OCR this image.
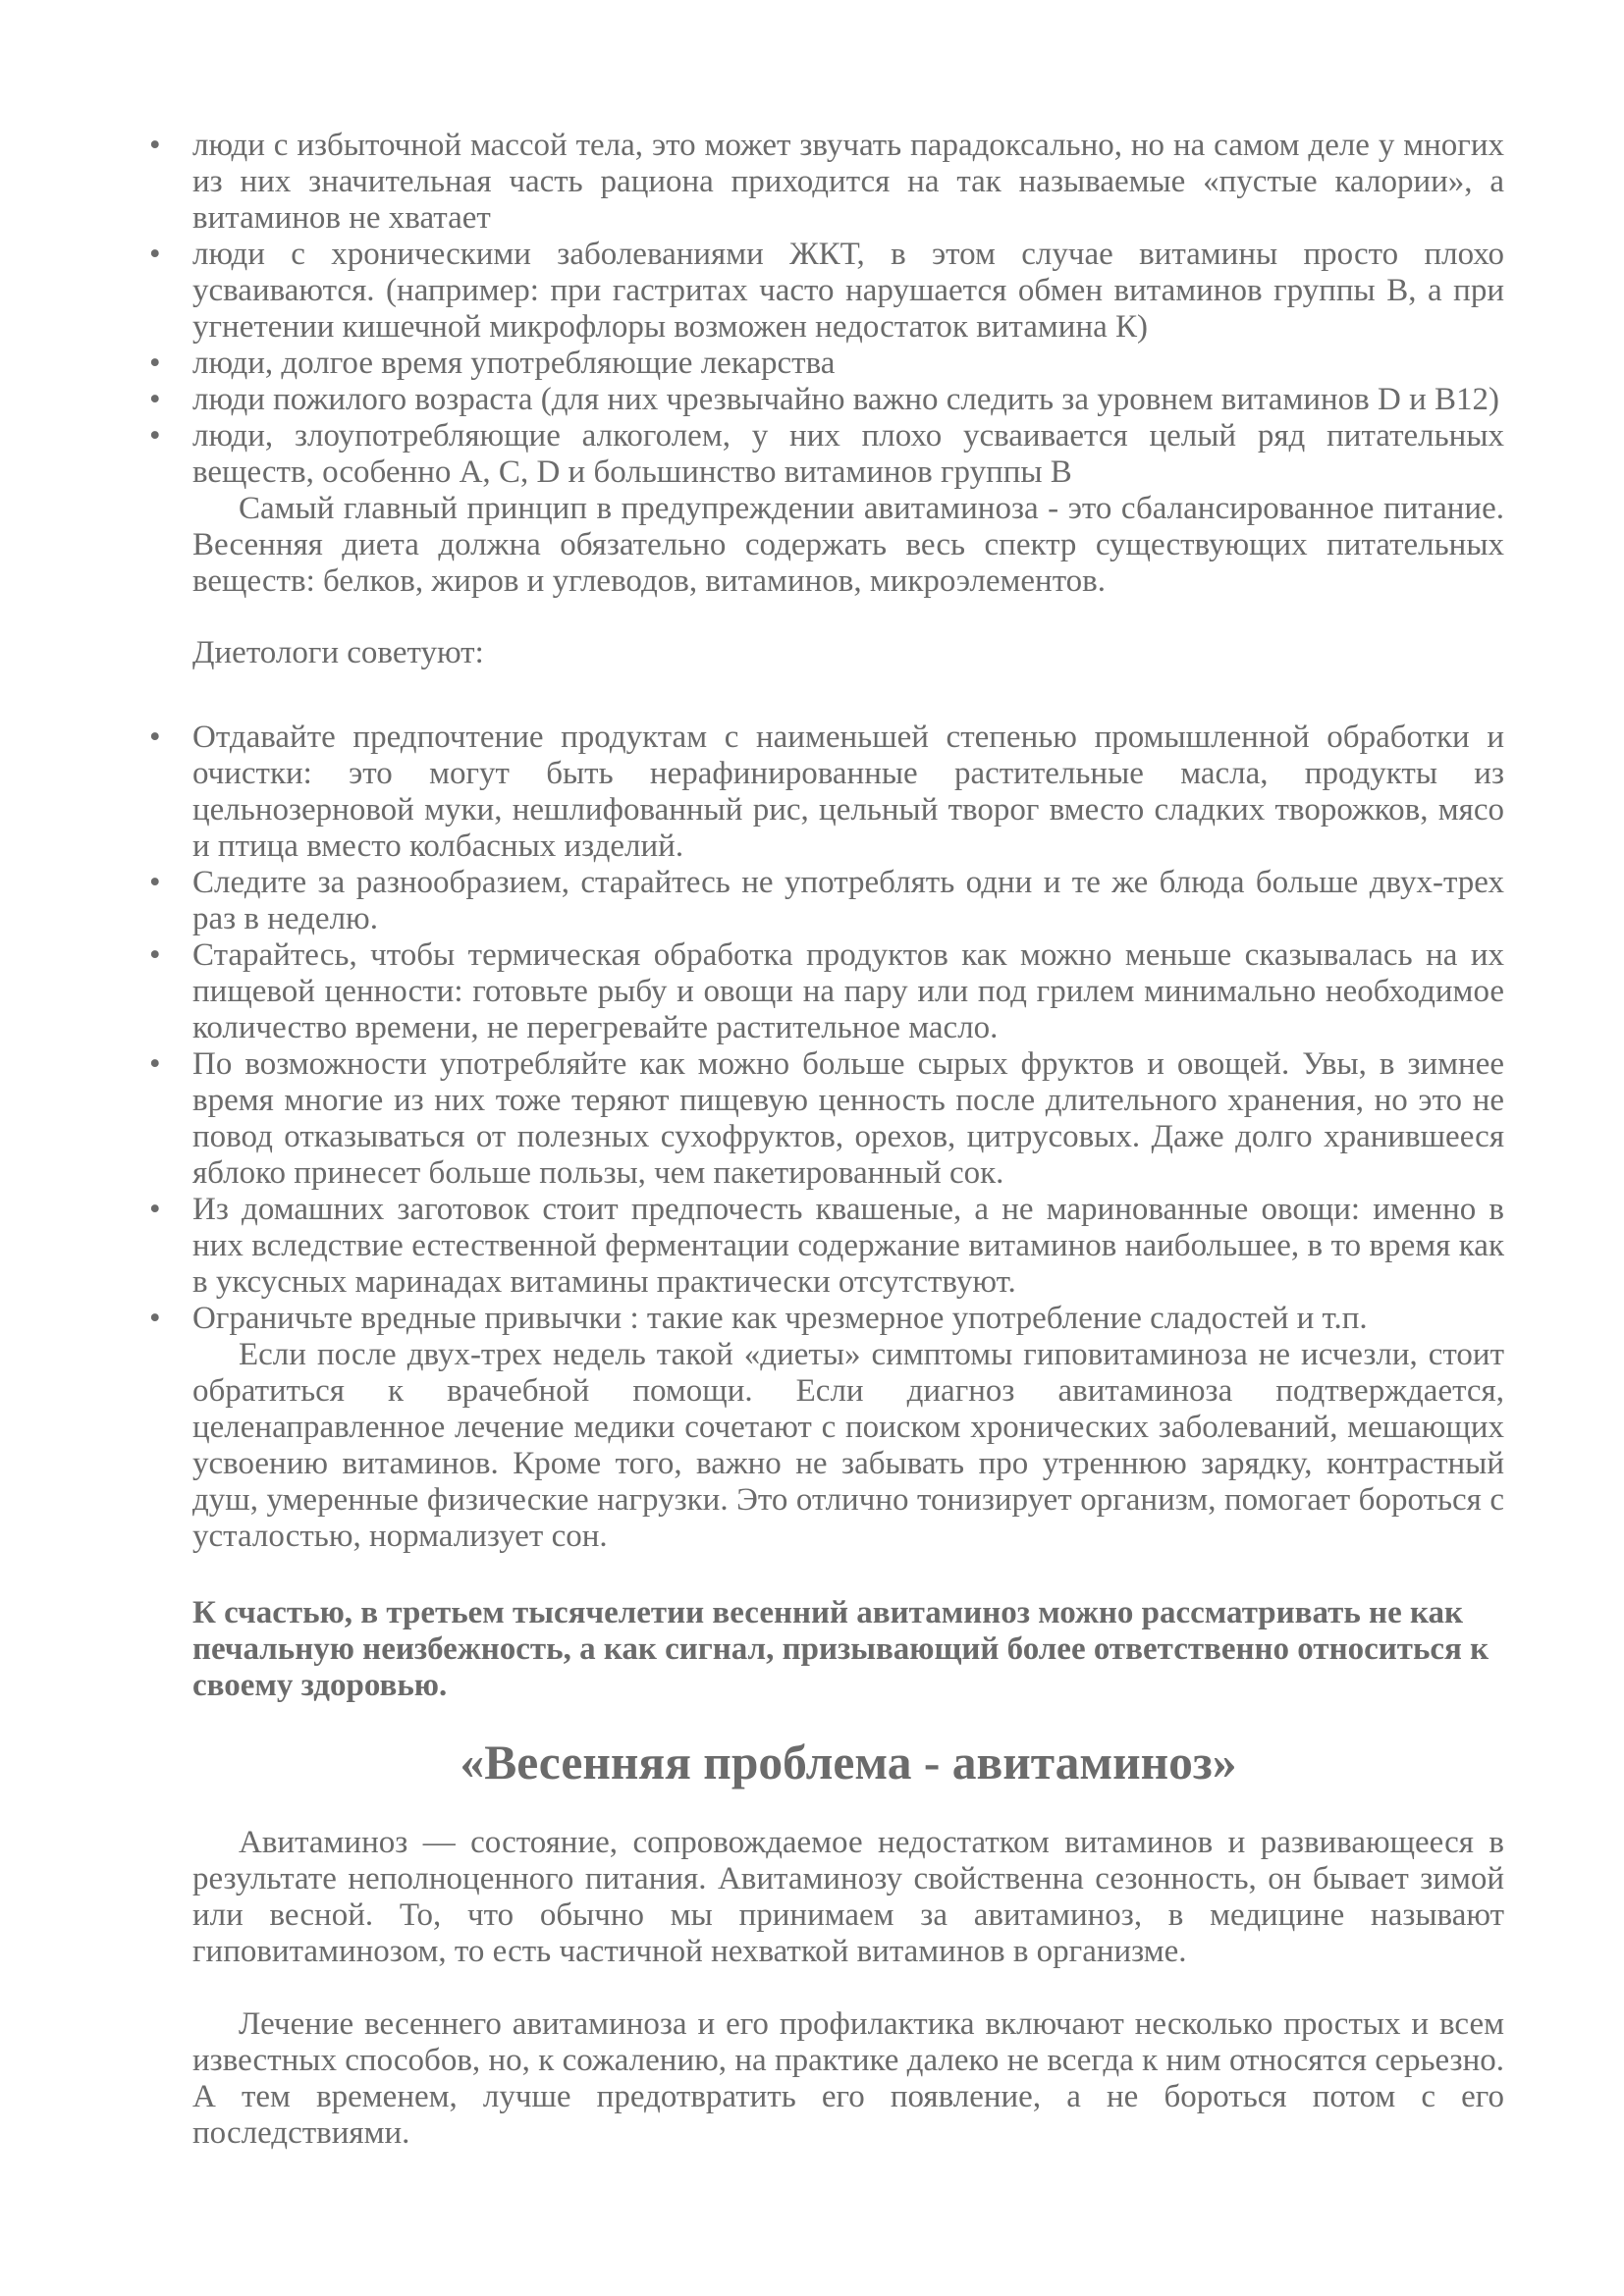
• люди с избыточной массой тела, это может звучать парадоксально, но на самом деле у многих из них значительная часть рациона приходится на так называемые «пустые калории», а витаминов не хватает
• люди с хроническими заболеваниями ЖКТ, в этом случае витамины просто плохо усваиваются. (например: при гастритах часто нарушается обмен витаминов группы В, а при угнетении кишечной микрофлоры возможен недостаток витамина К)
• люди, долгое время употребляющие лекарства
• люди пожилого возраста (для них чрезвычайно важно следить за уровнем витаминов D и B12)
• люди, злоупотребляющие алкоголем, у них плохо усваивается целый ряд питательных веществ, особенно A, C, D и большинство витаминов группы B

Самый главный принцип в предупреждении авитаминоза - это сбалансированное питание. Весенняя диета должна обязательно содержать весь спектр существующих питательных веществ: белков, жиров и углеводов, витаминов, микроэлементов.

Диетологи советуют:

• Отдавайте предпочтение продуктам с наименьшей степенью промышленной обработки и очистки: это могут быть нерафинированные растительные масла, продукты из цельнозерновой муки, нешлифованный рис, цельный творог вместо сладких творожков, мясо и птица вместо колбасных изделий.
• Следите за разнообразием, старайтесь не употреблять одни и те же блюда больше двух-трех раз в неделю.
• Старайтесь, чтобы термическая обработка продуктов как можно меньше сказывалась на их пищевой ценности: готовьте рыбу и овощи на пару или под грилем минимально необходимое количество времени, не перегревайте растительное масло.
• По возможности употребляйте как можно больше сырых фруктов и овощей. Увы, в зимнее время многие из них тоже теряют пищевую ценность после длительного хранения, но это не повод отказываться от полезных сухофруктов, орехов, цитрусовых. Даже долго хранившееся яблоко принесет больше пользы, чем пакетированный сок.
• Из домашних заготовок стоит предпочесть квашеные, а не маринованные овощи: именно в них вследствие естественной ферментации содержание витаминов наибольшее, в то время как в уксусных маринадах витамины практически отсутствуют.
• Ограничьте вредные привычки : такие как чрезмерное употребление сладостей и т.п.

Если после двух-трех недель такой «диеты» симптомы гиповитаминоза не исчезли, стоит обратиться к врачебной помощи. Если диагноз авитаминоза подтверждается, целенаправленное лечение медики сочетают с поиском хронических заболеваний, мешающих усвоению витаминов. Кроме того, важно не забывать про утреннюю зарядку, контрастный душ, умеренные физические нагрузки. Это отлично тонизирует организм, помогает бороться с усталостью, нормализует сон.

К счастью, в третьем тысячелетии весенний авитаминоз можно рассматривать не как печальную неизбежность, а как сигнал, призывающий более ответственно относиться к своему здоровью.

«Весенняя проблема - авитаминоз»

Авитаминоз — состояние, сопровождаемое недостатком витаминов и развивающееся в результате неполноценного питания. Авитаминозу свойственна сезонность, он бывает зимой или весной. То, что обычно мы принимаем за авитаминоз, в медицине называют гиповитаминозом, то есть частичной нехваткой витаминов в организме.

Лечение весеннего авитаминоза и его профилактика включают несколько простых и всем известных способов, но, к сожалению, на практике далеко не всегда к ним относятся серьезно. А тем временем, лучше предотвратить его появление, а не бороться потом с его последствиями.
